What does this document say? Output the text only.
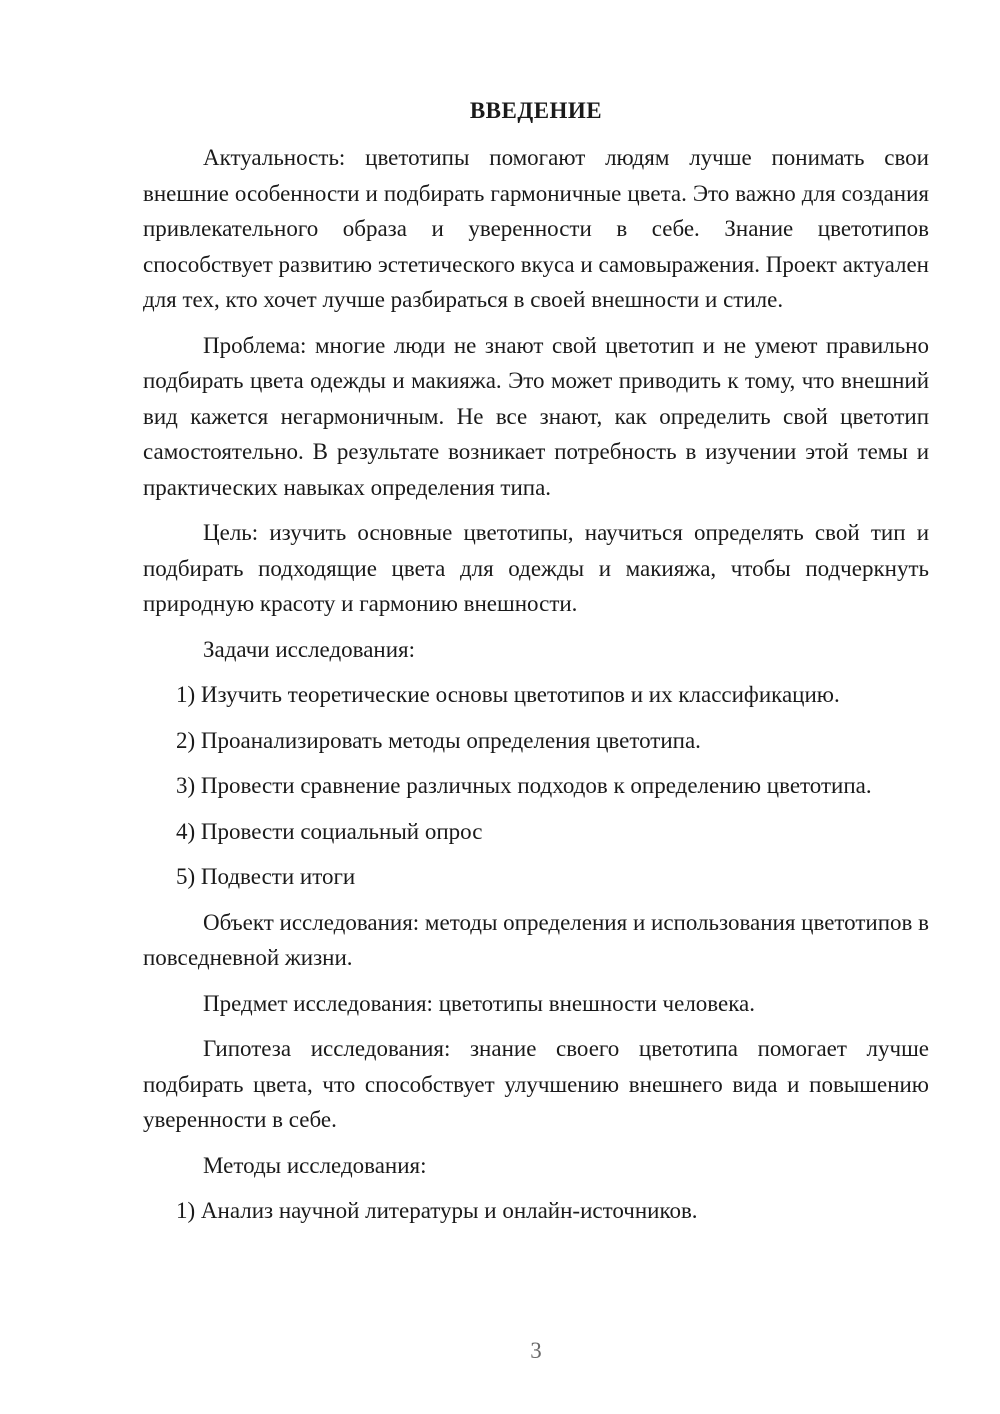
ВВЕДЕНИЕ

Актуальность: цветотипы помогают людям лучше понимать свои внешние особенности и подбирать гармоничные цвета. Это важно для создания привлекательного образа и уверенности в себе. Знание цветотипов способствует развитию эстетического вкуса и самовыражения. Проект актуален для тех, кто хочет лучше разбираться в своей внешности и стиле.

Проблема: многие люди не знают свой цветотип и не умеют правильно подбирать цвета одежды и макияжа. Это может приводить к тому, что внешний вид кажется негармоничным. Не все знают, как определить свой цветотип самостоятельно. В результате возникает потребность в изучении этой темы и практических навыках определения типа.

Цель: изучить основные цветотипы, научиться определять свой тип и подбирать подходящие цвета для одежды и макияжа, чтобы подчеркнуть природную красоту и гармонию внешности.

Задачи исследования:
1) Изучить теоретические основы цветотипов и их классификацию.
2) Проанализировать методы определения цветотипа.
3) Провести сравнение различных подходов к определению цветотипа.
4) Провести социальный опрос
5) Подвести итоги

Объект исследования: методы определения и использования цветотипов в повседневной жизни.

Предмет исследования: цветотипы внешности человека.

Гипотеза исследования: знание своего цветотипа помогает лучше подбирать цвета, что способствует улучшению внешнего вида и повышению уверенности в себе.

Методы исследования:
1) Анализ научной литературы и онлайн-источников.
3
